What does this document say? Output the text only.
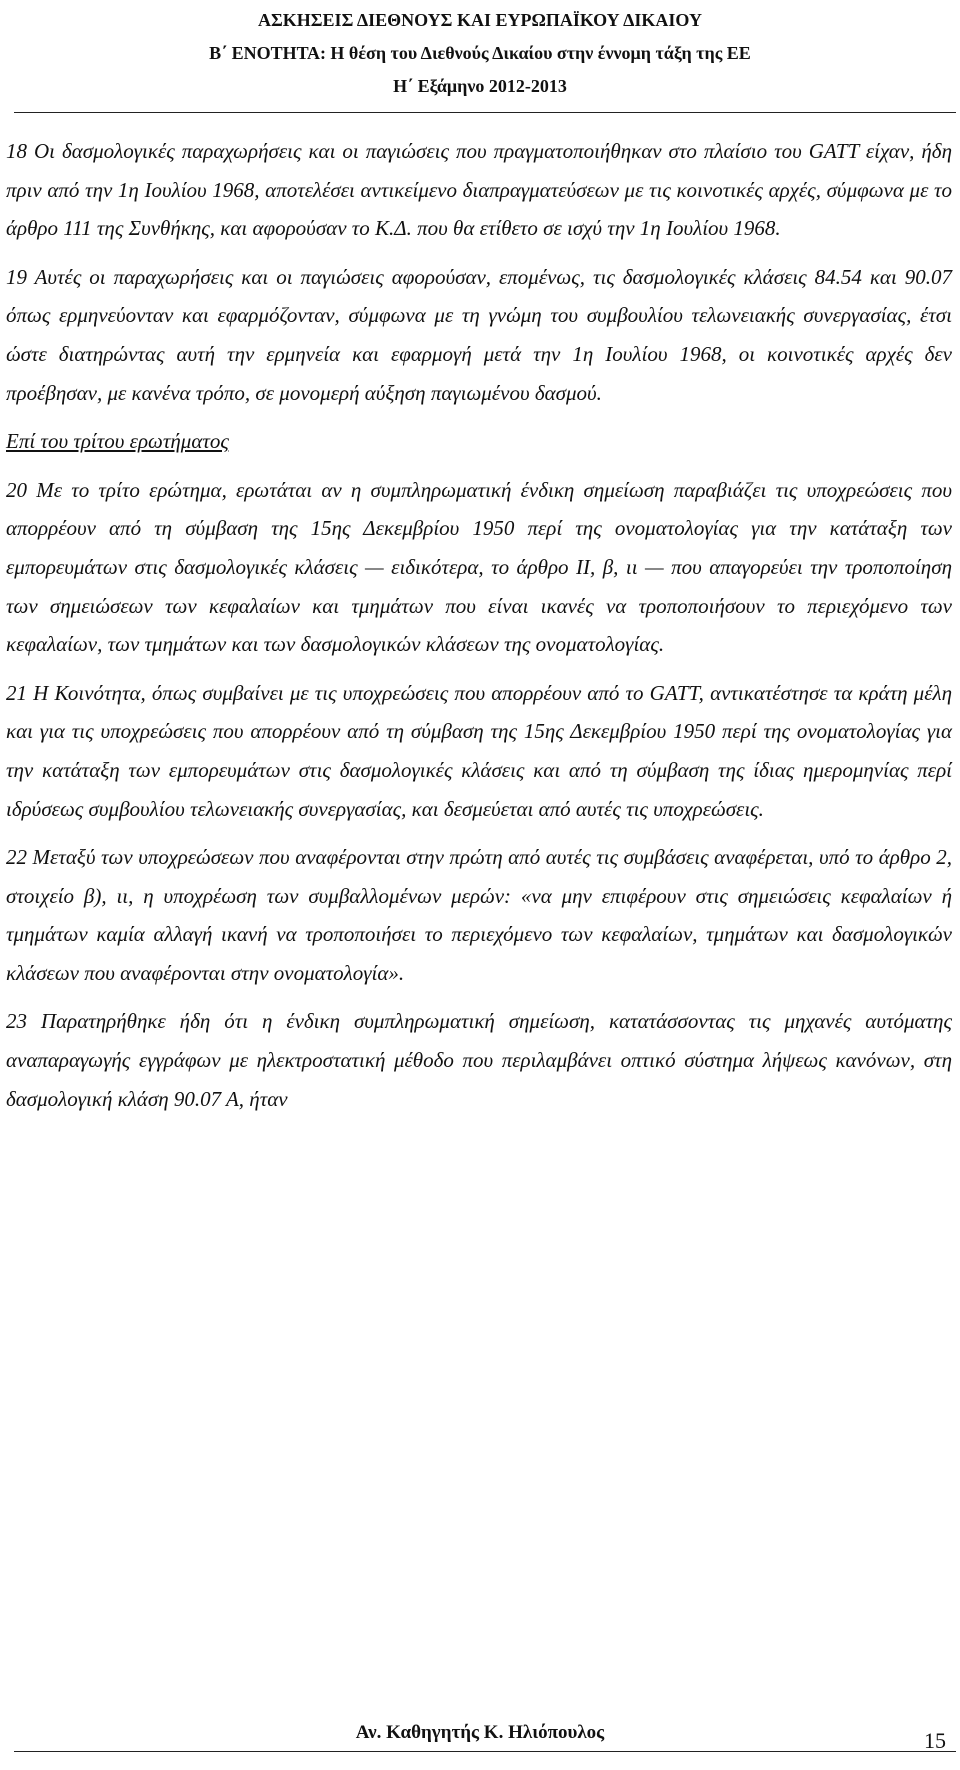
ΑΣΚΗΣΕΙΣ ΔΙΕΘΝΟΥΣ ΚΑΙ ΕΥΡΩΠΑΪΚΟΥ ΔΙΚΑΙΟΥ
Β΄ ΕΝΟΤΗΤΑ: Η θέση του Διεθνούς Δικαίου στην έννομη τάξη της ΕΕ
Η΄ Εξάμηνο 2012-2013

18 Οι δασμολογικές παραχωρήσεις και οι παγιώσεις που πραγματοποιήθηκαν στο πλαίσιο του GATT είχαν, ήδη πριν από την 1η Ιουλίου 1968, αποτελέσει αντικείμενο διαπραγματεύσεων με τις κοινοτικές αρχές, σύμφωνα με το άρθρο 111 της Συνθήκης, και αφορούσαν το Κ.Δ. που θα ετίθετο σε ισχύ την 1η Ιουλίου 1968.

19 Αυτές οι παραχωρήσεις και οι παγιώσεις αφορούσαν, επομένως, τις δασμολογικές κλάσεις 84.54 και 90.07 όπως ερμηνεύονταν και εφαρμόζονταν, σύμφωνα με τη γνώμη του συμβουλίου τελωνειακής συνεργασίας, έτσι ώστε διατηρώντας αυτή την ερμηνεία και εφαρμογή μετά την 1η Ιουλίου 1968, οι κοινοτικές αρχές δεν προέβησαν, με κανένα τρόπο, σε μονομερή αύξηση παγιωμένου δασμού.

Επί του τρίτου ερωτήματος

20 Με το τρίτο ερώτημα, ερωτάται αν η συμπληρωματική ένδικη σημείωση παραβιάζει τις υποχρεώσεις που απορρέουν από τη σύμβαση της 15ης Δεκεμβρίου 1950 περί της ονοματολογίας για την κατάταξη των εμπορευμάτων στις δασμολογικές κλάσεις — ειδικότερα, το άρθρο ΙΙ, β, ιι — που απαγορεύει την τροποποίηση των σημειώσεων των κεφαλαίων και τμημάτων που είναι ικανές να τροποποιήσουν το περιεχόμενο των κεφαλαίων, των τμημάτων και των δασμολογικών κλάσεων της ονοματολογίας.

21 Η Κοινότητα, όπως συμβαίνει με τις υποχρεώσεις που απορρέουν από το GATT, αντικατέστησε τα κράτη μέλη και για τις υποχρεώσεις που απορρέουν από τη σύμβαση της 15ης Δεκεμβρίου 1950 περί της ονοματολογίας για την κατάταξη των εμπορευμάτων στις δασμολογικές κλάσεις και από τη σύμβαση της ίδιας ημερομηνίας περί ιδρύσεως συμβουλίου τελωνειακής συνεργασίας, και δεσμεύεται από αυτές τις υποχρεώσεις.

22 Μεταξύ των υποχρεώσεων που αναφέρονται στην πρώτη από αυτές τις συμβάσεις αναφέρεται, υπό το άρθρο 2, στοιχείο β), ιι, η υποχρέωση των συμβαλλομένων μερών: «να μην επιφέρουν στις σημειώσεις κεφαλαίων ή τμημάτων καμία αλλαγή ικανή να τροποποιήσει το περιεχόμενο των κεφαλαίων, τμημάτων και δασμολογικών κλάσεων που αναφέρονται στην ονοματολογία».

23 Παρατηρήθηκε ήδη ότι η ένδικη συμπληρωματική σημείωση, κατατάσσοντας τις μηχανές αυτόματης αναπαραγωγής εγγράφων με ηλεκτροστατική μέθοδο που περιλαμβάνει οπτικό σύστημα λήψεως κανόνων, στη δασμολογική κλάση 90.07 Α, ήταν

Αν. Καθηγητής Κ. Ηλιόπουλος	15
